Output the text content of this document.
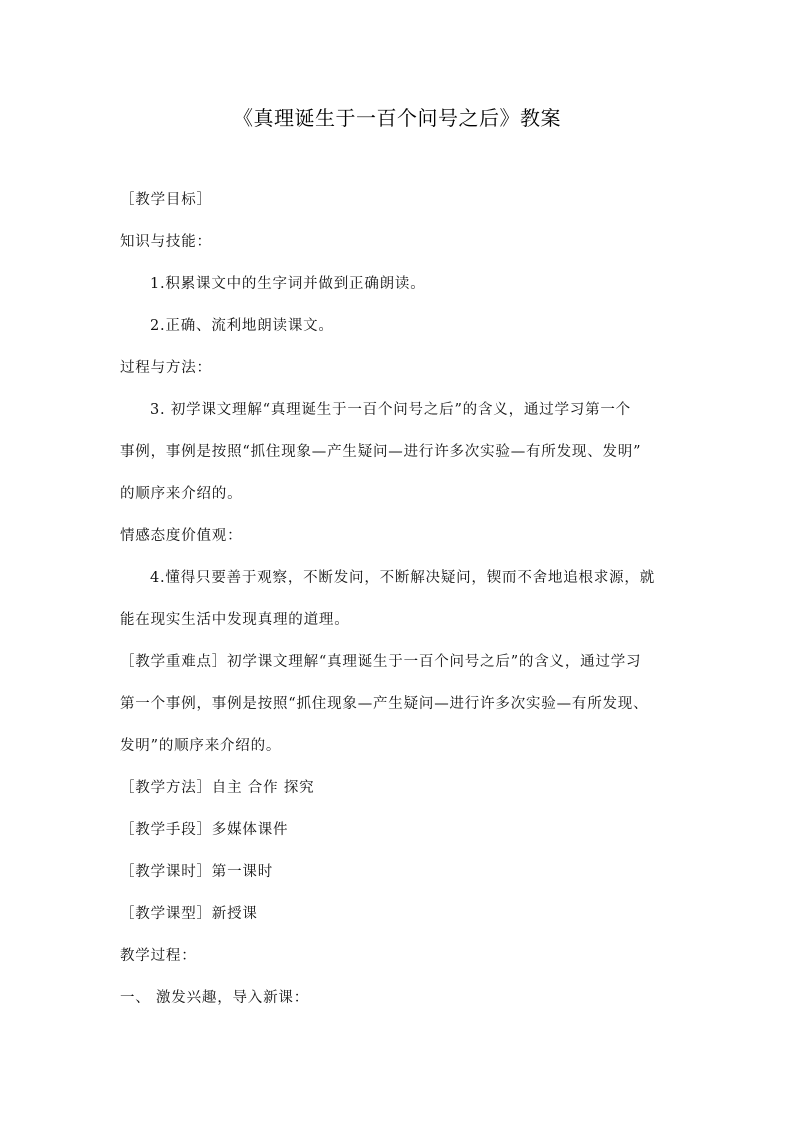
《真理诞生于一百个问号之后》教案
［教学目标］
知识与技能：
1.积累课文中的生字词并做到正确朗读。
2.正确、流利地朗读课文。
过程与方法：
3. 初学课文理解“真理诞生于一百个问号之后”的含义，通过学习第一个
事例，事例是按照“抓住现象—产生疑问—进行许多次实验—有所发现、发明”
的顺序来介绍的。
情感态度价值观：
4.懂得只要善于观察，不断发问，不断解决疑问，锲而不舍地追根求源，就
能在现实生活中发现真理的道理。
［教学重难点］初学课文理解“真理诞生于一百个问号之后”的含义，通过学习
第一个事例，事例是按照“抓住现象—产生疑问—进行许多次实验—有所发现、
发明”的顺序来介绍的。
［教学方法］自主 合作 探究
［教学手段］多媒体课件
［教学课时］第一课时
［教学课型］新授课
教学过程：
一、 激发兴趣，导入新课：
